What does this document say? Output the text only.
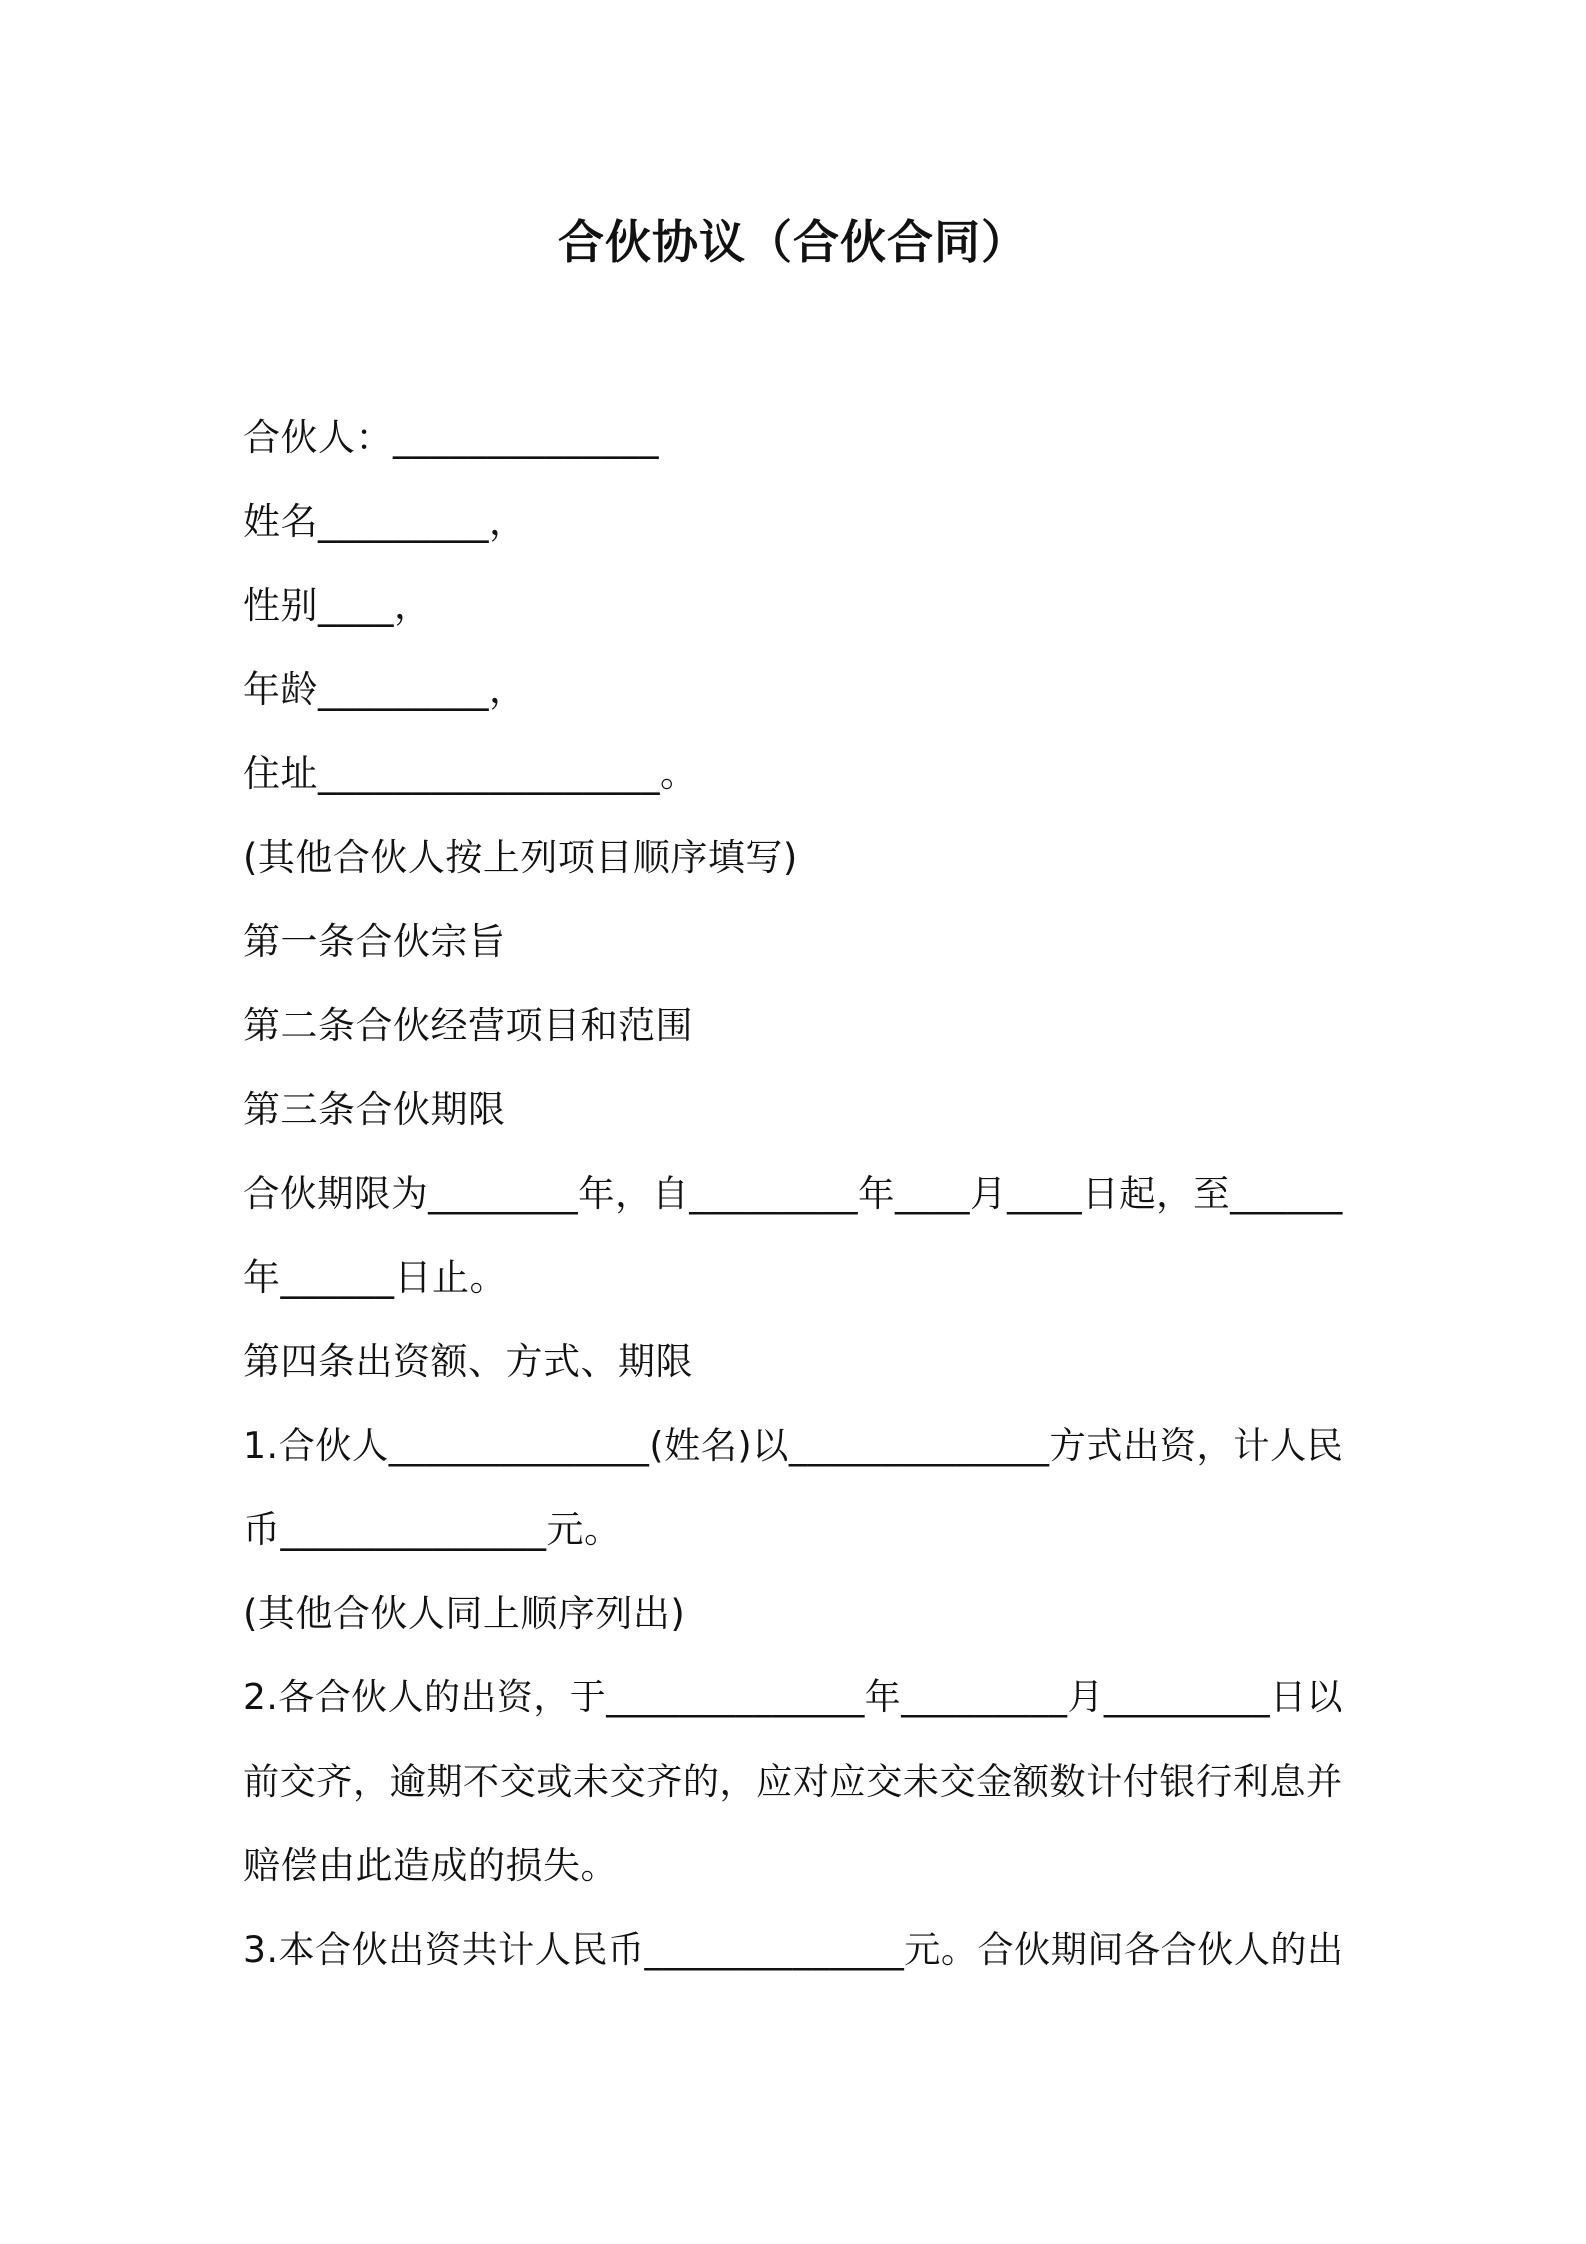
合伙协议（合伙合同）
合伙人：______________
姓名_________，
性别____，
年龄_________，
住址__________________。
(其他合伙人按上列项目顺序填写)
第一条合伙宗旨
第二条合伙经营项目和范围
第三条合伙期限
合伙期限为________年，自_________年____月____日起，至______
年______日止。
第四条出资额、方式、期限
1.合伙人______________(姓名)以______________方式出资，计人民
币______________元。
(其他合伙人同上顺序列出)
2.各合伙人的出资，于______________年_________月_________日以
前交齐，逾期不交或未交齐的，应对应交未交金额数计付银行利息并
赔偿由此造成的损失。
3.本合伙出资共计人民币______________元。合伙期间各合伙人的出
